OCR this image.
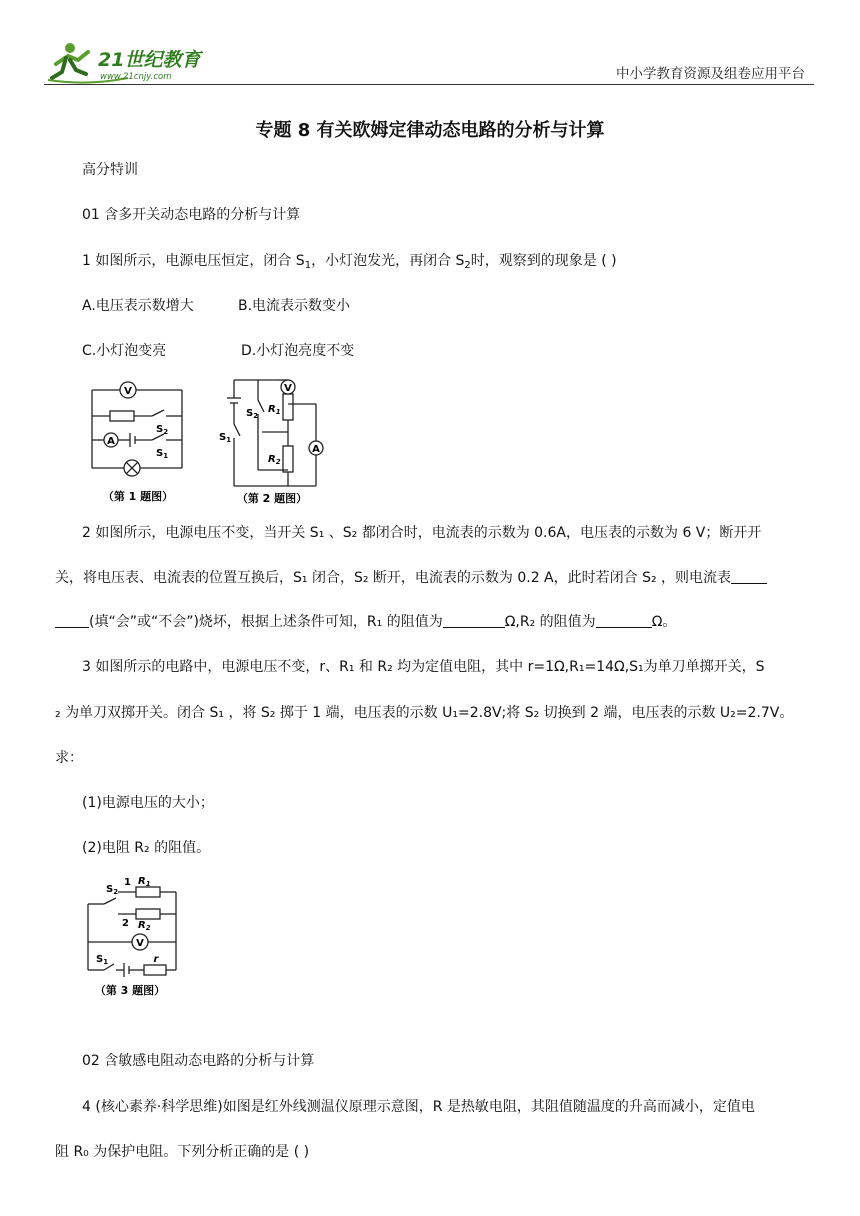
21世纪教育
www.21cnjy.com	中小学教育资源及组卷应用平台
专题 8 有关欧姆定律动态电路的分析与计算
高分特训
01 含多开关动态电路的分析与计算
1 如图所示，电源电压恒定，闭合 $S_1$，小灯泡发光，再闭合 $S_2$时，观察到的现象是 ( )
A.电压表示数增大	B.电流表示数变小
C.小灯泡变亮	D.小灯泡亮度不变
V
A
$S_2$
$S_1$
（第 1 题图）
V
A
$S_2$
$S_1$
$R_1$
$R_2$
（第 2 题图）
2 如图所示，电源电压不变，当开关 S₁ 、S₂ 都闭合时，电流表的示数为 0.6A，电压表的示数为 6 V；断开开
关，将电压表、电流表的位置互换后，S₁ 闭合，S₂ 断开，电流表的示数为 0.2 A，此时若闭合 S₂ ，则电流表
(填“会”或“不会”)烧坏，根据上述条件可知，R₁ 的阻值为	Ω,R₂ 的阻值为	Ω。
3 如图所示的电路中，电源电压不变，r、R₁ 和 R₂ 均为定值电阻，其中 r=1Ω,R₁=14Ω,S₁为单刀单掷开关，S
₂ 为单刀双掷开关。闭合 S₁ ，将 S₂ 掷于 1 端，电压表的示数 U₁=2.8V;将 S₂ 切换到 2 端，电压表的示数 U₂=2.7V。
求：
(1)电源电压的大小；
(2)电阻 R₂ 的阻值。
V
$S_2$
1
2
$R_1$
$R_2$
$S_1$	r
（第 3 题图）
02 含敏感电阻动态电路的分析与计算
4 (核心素养·科学思维)如图是红外线测温仪原理示意图，R 是热敏电阻，其阻值随温度的升高而减小，定值电
阻 R₀ 为保护电阻。下列分析正确的是 ( )
